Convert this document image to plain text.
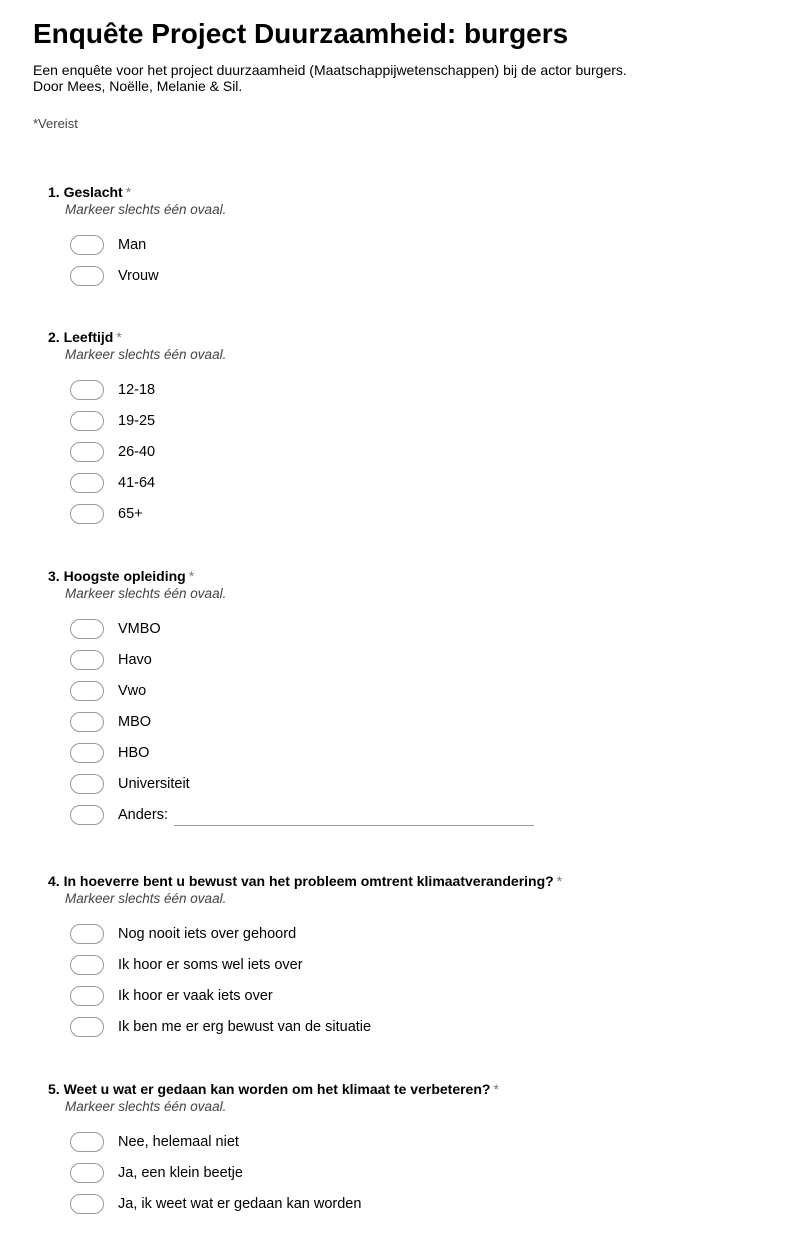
Enquête Project Duurzaamheid: burgers
Een enquête voor het project duurzaamheid (Maatschappijwetenschappen) bij de actor burgers.
Door Mees, Noëlle, Melanie & Sil.
*Vereist
1. Geslacht *
Markeer slechts één ovaal.
Man
Vrouw
2. Leeftijd *
Markeer slechts één ovaal.
12-18
19-25
26-40
41-64
65+
3. Hoogste opleiding *
Markeer slechts één ovaal.
VMBO
Havo
Vwo
MBO
HBO
Universiteit
Anders:
4. In hoeverre bent u bewust van het probleem omtrent klimaatverandering? *
Markeer slechts één ovaal.
Nog nooit iets over gehoord
Ik hoor er soms wel iets over
Ik hoor er vaak iets over
Ik ben me er erg bewust van de situatie
5. Weet u wat er gedaan kan worden om het klimaat te verbeteren? *
Markeer slechts één ovaal.
Nee, helemaal niet
Ja, een klein beetje
Ja, ik weet wat er gedaan kan worden
